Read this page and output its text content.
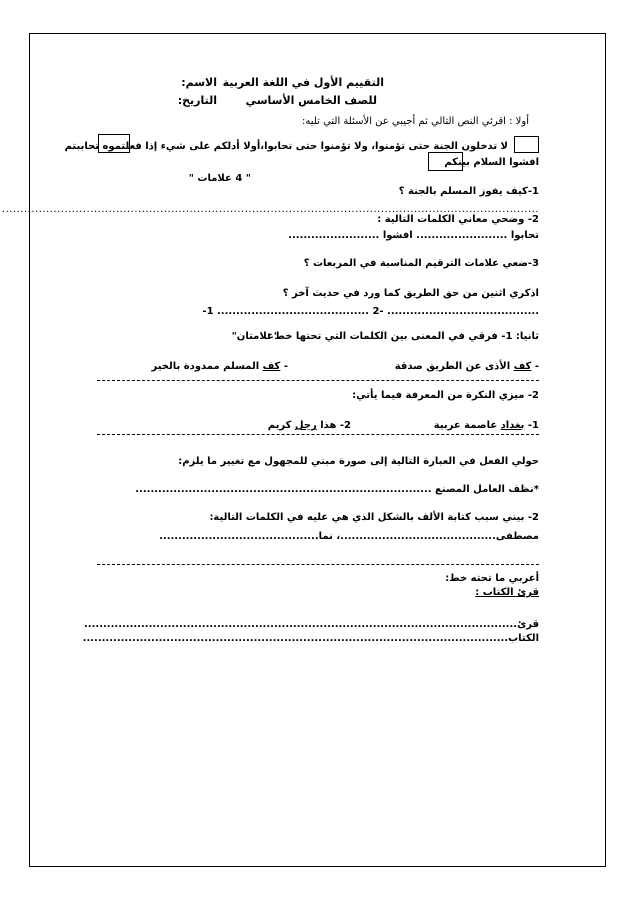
التقييم الأول في اللغة العربية
الاسم:
للصف الخامس الأساسي
التاريخ:
أولا : اقرئي النص التالي ثم أجيبي عن الأسئلة التي تليه:
لا تدخلون الجنة حتى تؤمنوا، ولا تؤمنوا حتى تحابوا،أولا أدلكم على شيء إذا فعلتموه تحاببتم
افشوا السلام بينكم
" 4 علامات "
1-كيف يفوز المسلم بالجنة ؟
..................................................................................................................................................
2- وضحي معاني الكلمات التالية :
تحابوا ........................ افشوا ........................
3-ضعي علامات الترقيم المناسبة في المربعات ؟
اذكري اثنين من حق الطريق كما ورد في حديث آخر ؟
-1 ........................................ 2- ........................................
ثانيا: 1- فرقي في المعنى بين الكلمات التي تحتها خط :
"علامتان"
- كف الأذى عن الطريق صدقة
- كف المسلم ممدودة بالخير
2- ميزي النكرة من المعرفة فيما يأتي:
1- بغداد عاصمة عربية
2- هذا رجل كريم
حولي الفعل في العبارة التالية إلى صورة مبني للمجهول مع تغيير ما يلزم:
*نظف العامل المصنع ..............................................................................
2- بيني سبب كتابة الألف بالشكل الذي هي عليه في الكلمات التالية:
مصطفى.........................................، نما..........................................
أعربي ما تحته خط:
قرئ الكتاب :
قرئ..................................................................................................................
الكتاب................................................................................................................
